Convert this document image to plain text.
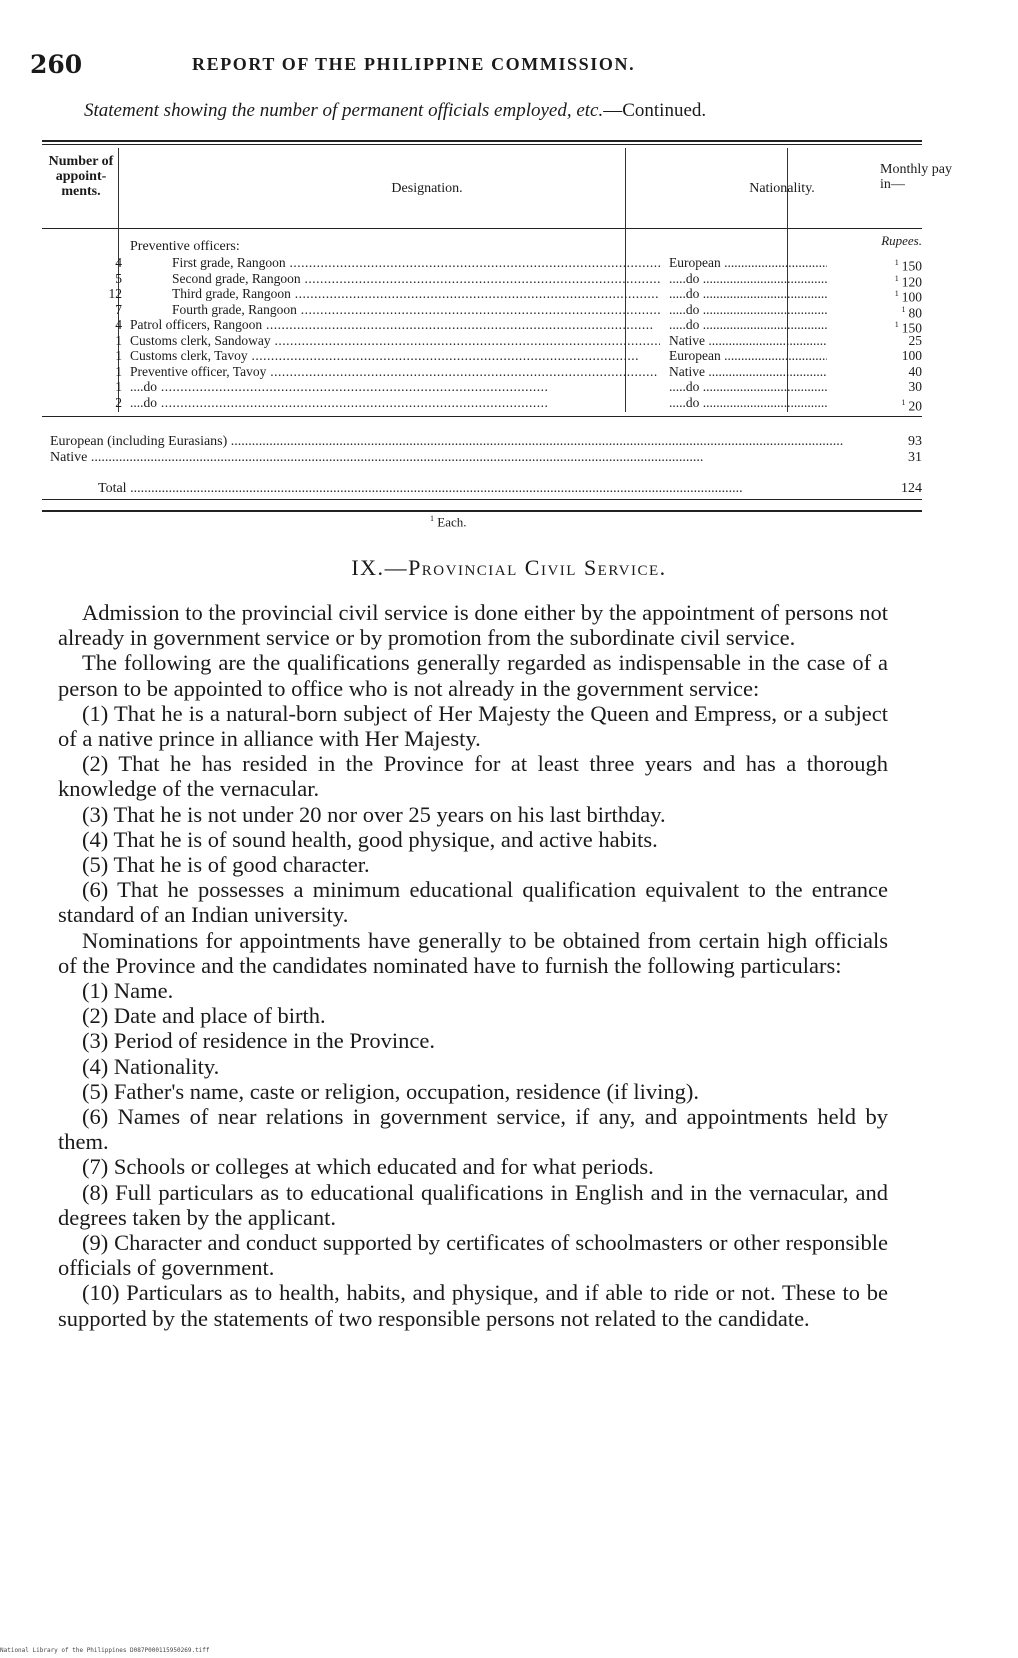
260	REPORT OF THE PHILIPPINE COMMISSION.
Statement showing the number of permanent officials employed, etc.—Continued.
Number of appoint-ments.	Designation.	Nationality.
Monthly pay in—
Preventive officers:	Rupees.
4	First grade, Rangoon .....	European .....	$^1$ 150
5	Second grade, Rangoon .....	..... do .....	$^1$ 120
12	Third grade, Rangoon .....	..... do .....	$^1$ 100
7	Fourth grade, Rangoon .....	..... do .....	$^1$ 80
4 Patrol officers, Rangoon .....	..... do .....	$^1$ 150
1 Customs clerk, Sandoway .....	Native .....	25
1 Customs clerk, Tavoy .....	European .....	100
1 Preventive officer, Tavoy .....	Native .....	40
1 ....do .....	..... do .....	30
2 ....do .....	..... do .....	$^1$ 20
European (including Eurasians) .....	93
Native .....	31
Total .....	124
$^1$ Each.
IX.—Provincial Civil Service.

Admission to the provincial civil service is done either by the appointment of persons not already in government service or by promotion from the subordinate civil service.

The following are the qualifications generally regarded as indispensable in the case of a person to be appointed to office who is not already in the government service:

(1) That he is a natural-born subject of Her Majesty the Queen and Empress, or a subject of a native prince in alliance with Her Majesty.

(2) That he has resided in the Province for at least three years and has a thorough knowledge of the vernacular.

(3) That he is not under 20 nor over 25 years on his last birthday.

(4) That he is of sound health, good physique, and active habits.

(5) That he is of good character.

(6) That he possesses a minimum educational qualification equivalent to the entrance standard of an Indian university.

Nominations for appointments have generally to be obtained from certain high officials of the Province and the candidates nominated have to furnish the following particulars:

(1) Name.

(2) Date and place of birth.

(3) Period of residence in the Province.

(4) Nationality.

(5) Father's name, caste or religion, occupation, residence (if living).

(6) Names of near relations in government service, if any, and appointments held by them.

(7) Schools or colleges at which educated and for what periods.

(8) Full particulars as to educational qualifications in English and in the vernacular, and degrees taken by the applicant.

(9) Character and conduct supported by certificates of schoolmasters or other responsible officials of government.

(10) Particulars as to health, habits, and physique, and if able to ride or not. These to be supported by the statements of two responsible persons not related to the candidate.

National Library of the Philippines D087P000115950269.tiff
